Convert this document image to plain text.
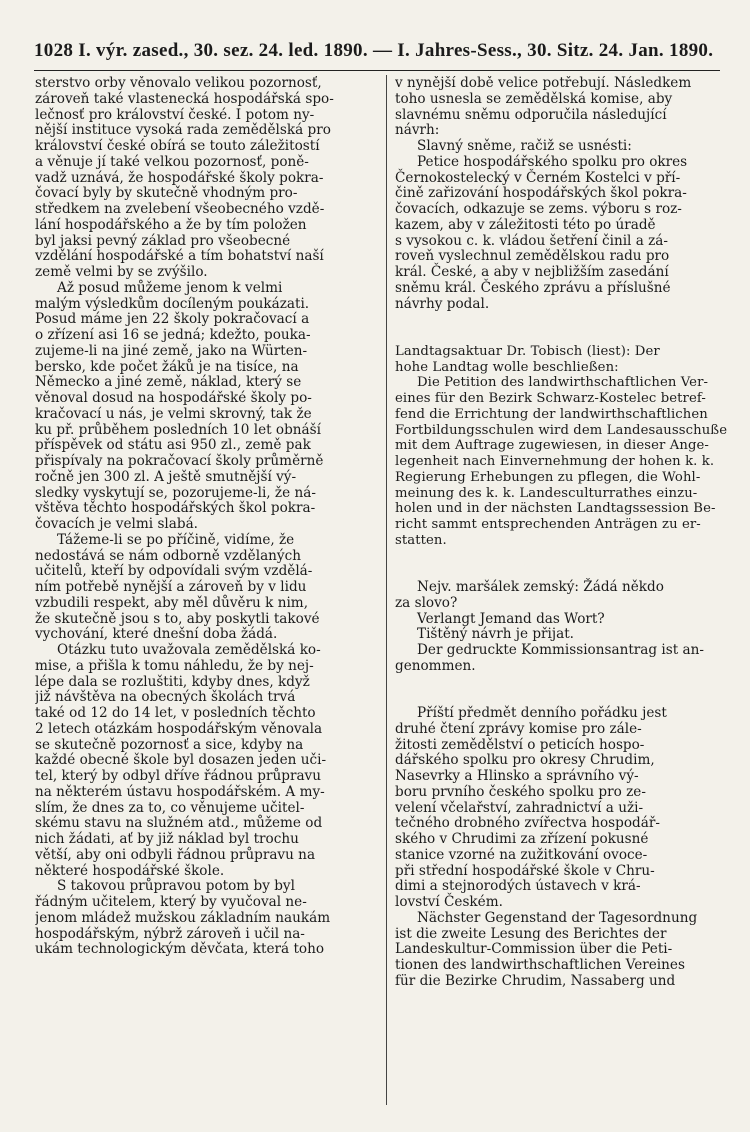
1028 I. výr. zased., 30. sez. 24. led. 1890. — I. Jahres-Sess., 30. Sitz. 24. Jan. 1890.
sterstvo orby věnovalo velikou pozornosť,
zároveň také vlastenecká hospodářská spo-
lečnosť pro království české. I potom ny-
nější instituce vysoká rada zemědělská pro
království české obírá se touto záležitostí
a věnuje jí také velkou pozornosť, poně-
vadž uznává, že hospodářské školy pokra-
čovací byly by skutečně vhodným pro-
středkem na zvelebení všeobecného vzdě-
lání hospodářského a že by tím položen
byl jaksi pevný základ pro všeobecné
vzdělání hospodářské a tím bohatství naší
země velmi by se zvýšilo.
Až posud můžeme jenom k velmi
malým výsledkům docíleným poukázati.
Posud máme jen 22 školy pokračovací a
o zřízení asi 16 se jedná; kdežto, pouka-
zujeme-li na jiné země, jako na Würten-
bersko, kde počet žáků je na tisíce, na
Německo a jiné země, náklad, který se
věnoval dosud na hospodářské školy po-
kračovací u nás, je velmi skrovný, tak že
ku př. průběhem posledních 10 let obnáší
příspěvek od státu asi 950 zl., země pak
přispívaly na pokračovací školy průměrně
ročně jen 300 zl. A ještě smutnější vý-
sledky vyskytují se, pozorujeme-li, že ná-
vštěva těchto hospodářských škol pokra-
čovacích je velmi slabá.
Tážeme-li se po příčině, vidíme, že
nedostává se nám odborně vzdělaných
učitelů, kteří by odpovídali svým vzdělá-
ním potřebě nynější a zároveň by v lidu
vzbudili respekt, aby měl důvěru k nim,
že skutečně jsou s to, aby poskytli takové
vychování, které dnešní doba žádá.
Otázku tuto uvažovala zemědělská ko-
mise, a přišla k tomu náhledu, že by nej-
lépe dala se rozluštiti, kdyby dnes, když
již návštěva na obecných školách trvá
také od 12 do 14 let, v posledních těchto
2 letech otázkám hospodářským věnovala
se skutečně pozornosť a sice, kdyby na
každé obecné škole byl dosazen jeden uči-
tel, který by odbyl dříve řádnou průpravu
na některém ústavu hospodářském. A my-
slím, že dnes za to, co věnujeme učitel-
skému stavu na služném atd., můžeme od
nich žádati, ať by již náklad byl trochu
větší, aby oni odbyli řádnou průpravu na
některé hospodářské škole.
S takovou průpravou potom by byl
řádným učitelem, který by vyučoval ne-
jenom mládež mužskou základním naukám
hospodářským, nýbrž zároveň i učil na-
ukám technologickým děvčata, která toho
v nynější době velice potřebují. Následkem
toho usnesla se zemědělská komise, aby
slavnému sněmu odporučila následující
návrh:
Slavný sněme, račiž se usnésti:
Petice hospodářského spolku pro okres
Černokostelecký v Černém Kostelci v pří-
čině zařizování hospodářských škol pokra-
čovacích, odkazuje se zems. výboru s roz-
kazem, aby v záležitosti této po úradě
s vysokou c. k. vládou šetření činil a zá-
roveň vyslechnul zemědělskou radu pro
král. České, a aby v nejbližším zasedání
sněmu král. Českého zprávu a příslušné
návrhy podal.
Landtagsaktuar Dr. Tobisch (liest): Der
hohe Landtag wolle beschließen:
Die Petition des landwirthschaftlichen Ver-
eines für den Bezirk Schwarz-Kostelec betref-
fend die Errichtung der landwirthschaftlichen
Fortbildungsschulen wird dem Landesausschuße
mit dem Auftrage zugewiesen, in dieser Ange-
legenheit nach Einvernehmung der hohen k. k.
Regierung Erhebungen zu pflegen, die Wohl-
meinung des k. k. Landesculturrathes einzu-
holen und in der nächsten Landtagssession Be-
richt sammt entsprechenden Anträgen zu er-
statten.
Nejv. maršálek zemský: Žádá někdo
za slovo?
Verlangt Jemand das Wort?
Tištěný návrh je přijat.
Der gedruckte Kommissionsantrag ist an-
genommen.
Příští předmět denního pořádku jest
druhé čtení zprávy komise pro zále-
žitosti zemědělství o peticích hospo-
dářského spolku pro okresy Chrudim,
Nasevrky a Hlinsko a správního vý-
boru prvního českého spolku pro ze-
velení včelařství, zahradnictví a uži-
tečného drobného zvířectva hospodář-
ského v Chrudimi za zřízení pokusné
stanice vzorné na zužitkování ovoce-
při střední hospodářské škole v Chru-
dimi a stejnorodých ústavech v krá-
lovství Českém.
Nächster Gegenstand der Tagesordnung
ist die zweite Lesung des Berichtes der
Landeskultur-Commission über die Peti-
tionen des landwirthschaftlichen Vereines
für die Bezirke Chrudim, Nassaberg und
